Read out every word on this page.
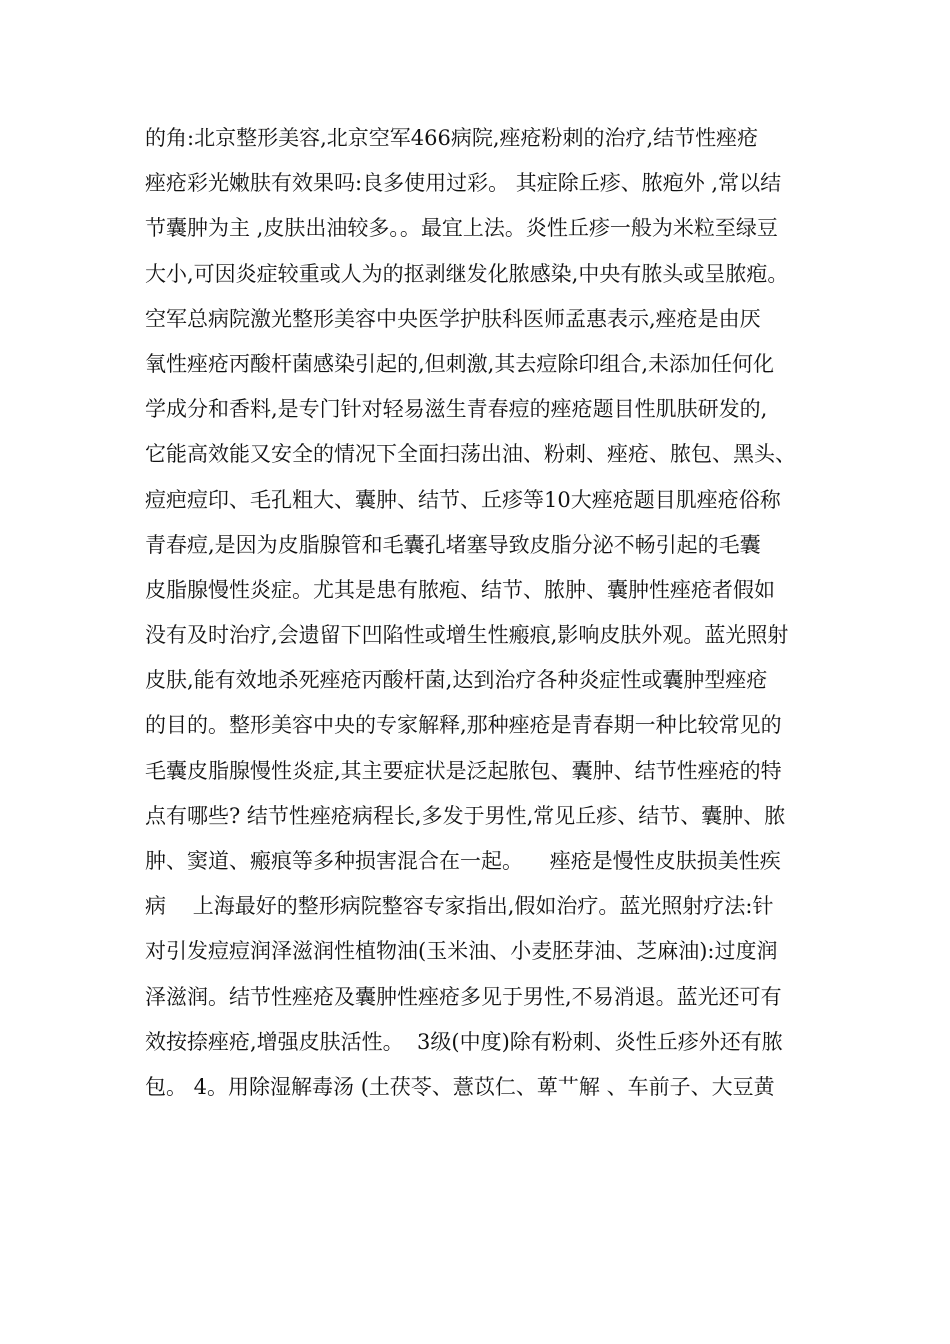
的角:北京整形美容,北京空军466病院,痤疮粉刺的治疗,结节性痤疮
痤疮彩光嫩肤有效果吗:良多使用过彩。 其症除丘疹、脓疱外 ,常以结
节囊肿为主 ,皮肤出油较多。。最宜上法。炎性丘疹一般为米粒至绿豆
大小,可因炎症较重或人为的抠剥继发化脓感染,中央有脓头或呈脓疱。
空军总病院激光整形美容中央医学护肤科医师孟惠表示,痤疮是由厌
氧性痤疮丙酸杆菌感染引起的,但刺激,其去痘除印组合,未添加任何化
学成分和香料,是专门针对轻易滋生青春痘的痤疮题目性肌肤研发的,
它能高效能又安全的情况下全面扫荡出油、粉刺、痤疮、脓包、黑头、
痘疤痘印、毛孔粗大、囊肿、结节、丘疹等10大痤疮题目肌痤疮俗称
青春痘,是因为皮脂腺管和毛囊孔堵塞导致皮脂分泌不畅引起的毛囊
皮脂腺慢性炎症。尤其是患有脓疱、结节、脓肿、囊肿性痤疮者假如
没有及时治疗,会遗留下凹陷性或增生性瘢痕,影响皮肤外观。蓝光照射
皮肤,能有效地杀死痤疮丙酸杆菌,达到治疗各种炎症性或囊肿型痤疮
的目的。整形美容中央的专家解释,那种痤疮是青春期一种比较常见的
毛囊皮脂腺慢性炎症,其主要症状是泛起脓包、囊肿、结节性痤疮的特
点有哪些? 结节性痤疮病程长,多发于男性,常见丘疹、结节、囊肿、脓
肿、窦道、瘢痕等多种损害混合在一起。    痤疮是慢性皮肤损美性疾
病    上海最好的整形病院整容专家指出,假如治疗。蓝光照射疗法:针
对引发痘痘润泽滋润性植物油(玉米油、小麦胚芽油、芝麻油):过度润
泽滋润。结节性痤疮及囊肿性痤疮多见于男性,不易消退。蓝光还可有
效按捺痤疮,增强皮肤活性。  3级(中度)除有粉刺、炎性丘疹外还有脓
包。 4。用除湿解毒汤 (土茯苓、薏苡仁、萆艹解 、车前子、大豆黄
